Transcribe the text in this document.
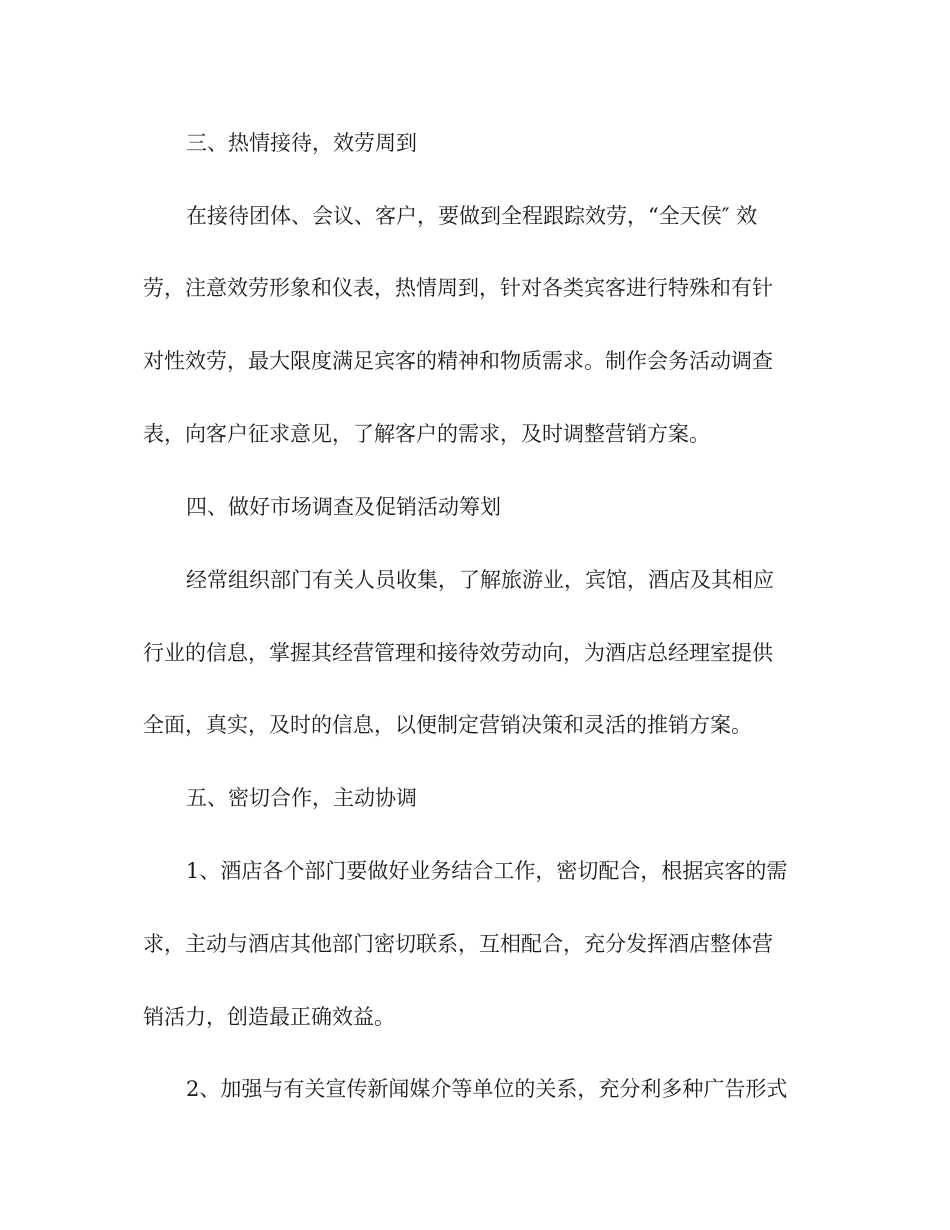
三、热情接待，效劳周到

在接待团体、会议、客户，要做到全程跟踪效劳，“全天侯″ 效

劳，注意效劳形象和仪表，热情周到，针对各类宾客进行特殊和有针

对性效劳，最大限度满足宾客的精神和物质需求。制作会务活动调查

表，向客户征求意见，了解客户的需求，及时调整营销方案。

四、做好市场调查及促销活动筹划

经常组织部门有关人员收集，了解旅游业，宾馆，酒店及其相应

行业的信息，掌握其经营管理和接待效劳动向，为酒店总经理室提供

全面，真实，及时的信息，以便制定营销决策和灵活的推销方案。

五、密切合作，主动协调

1、酒店各个部门要做好业务结合工作，密切配合，根据宾客的需

求，主动与酒店其他部门密切联系，互相配合，充分发挥酒店整体营

销活力，创造最正确效益。

2、加强与有关宣传新闻媒介等单位的关系，充分利多种广告形式
